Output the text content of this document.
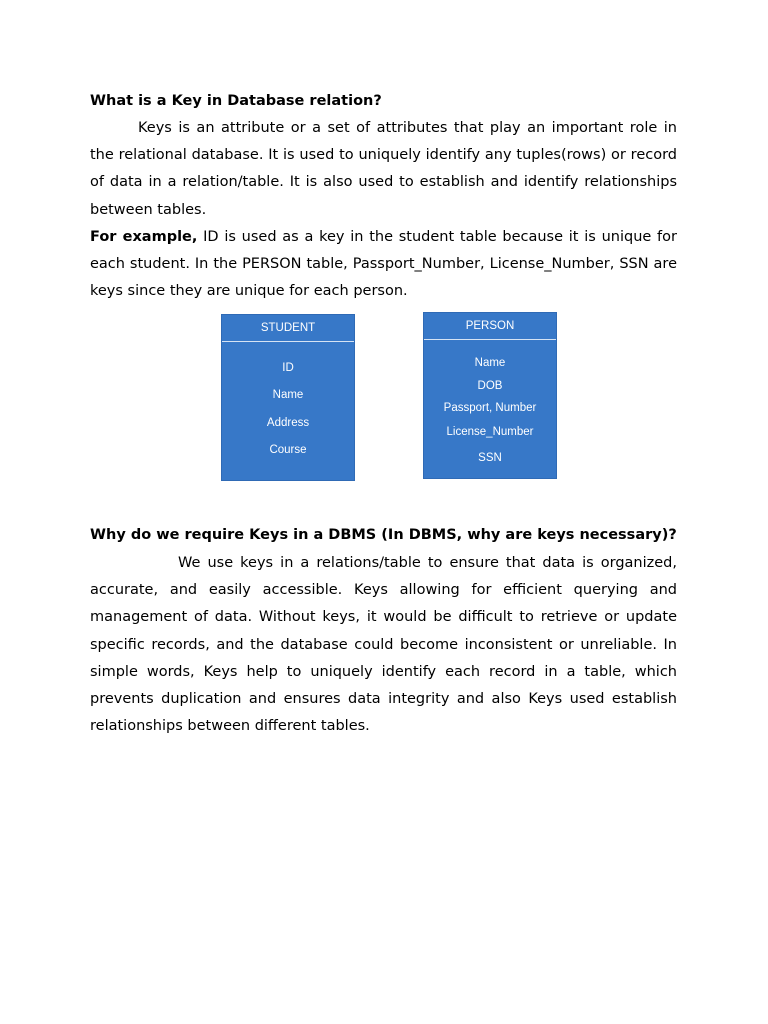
What is a Key in Database relation?

Keys is an attribute or a set of attributes that play an important role in the relational database. It is used to uniquely identify any tuples(rows) or record of data in a relation/table. It is also used to establish and identify relationships between tables.

For example, ID is used as a key in the student table because it is unique for each student. In the PERSON table, Passport_Number, License_Number, SSN are keys since they are unique for each person.

STUDENT
ID
Name
Address
Course
PERSON
Name
DOB
Passport, Number
License_Number
SSN

Why do we require Keys in a DBMS (In DBMS, why are keys necessary)?

We use keys in a relations/table to ensure that data is organized, accurate, and easily accessible. Keys allowing for efficient querying and management of data. Without keys, it would be difficult to retrieve or update specific records, and the database could become inconsistent or unreliable. In simple words, Keys help to uniquely identify each record in a table, which prevents duplication and ensures data integrity and also Keys used establish relationships between different tables.
